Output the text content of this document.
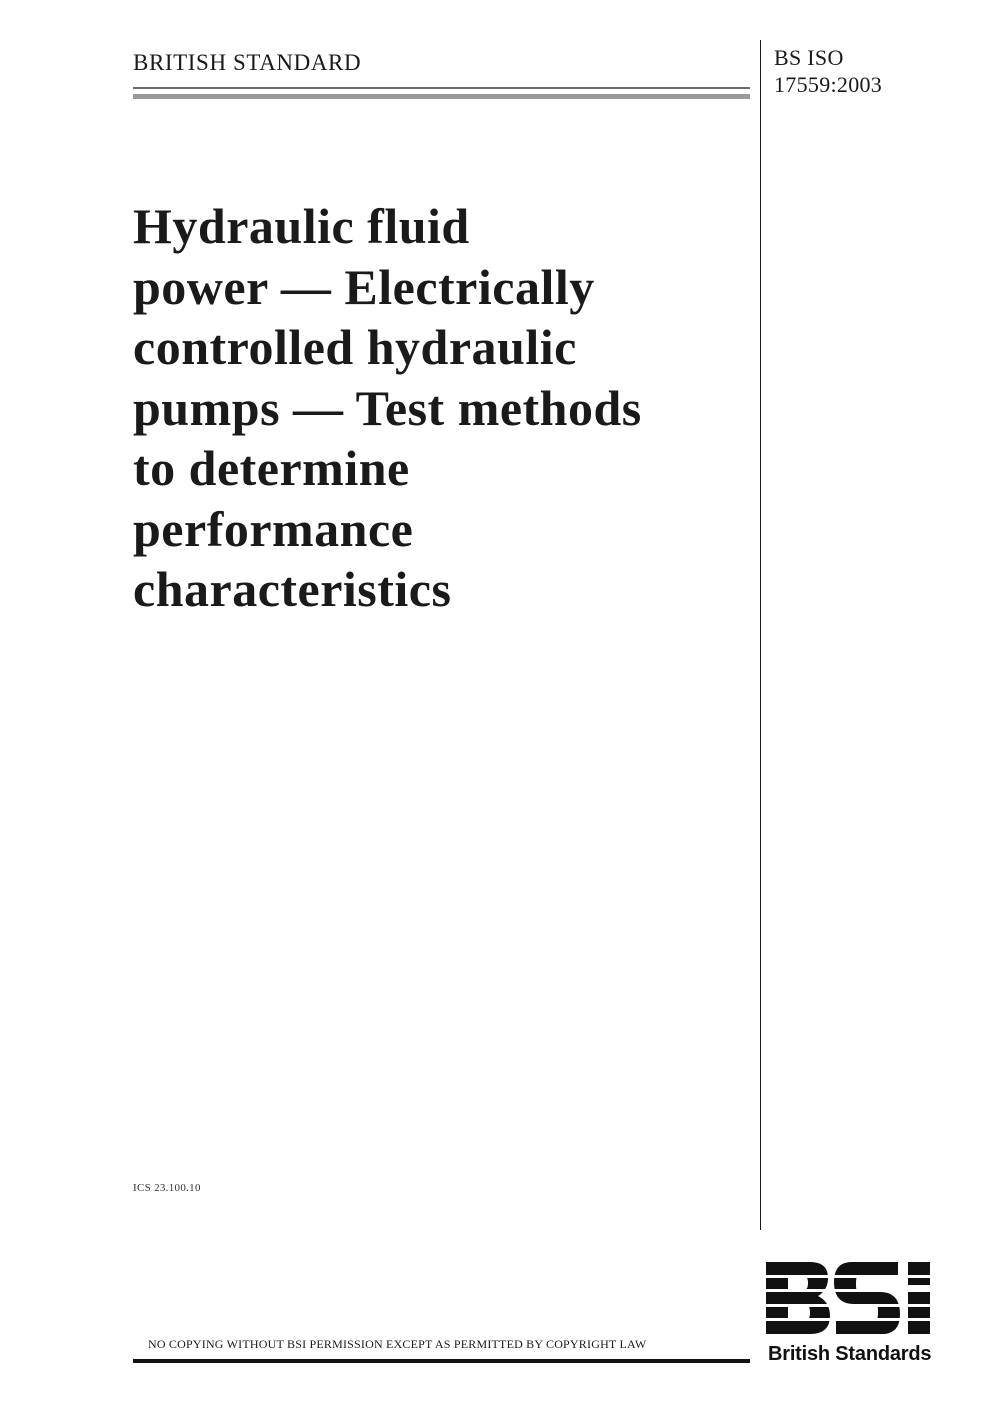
BRITISH STANDARD	BS ISO
17559:2003
Hydraulic fluid
power — Electrically
controlled hydraulic
pumps — Test methods
to determine
performance
characteristics
ICS 23.100.10
British Standards
NO COPYING WITHOUT BSI PERMISSION EXCEPT AS PERMITTED BY COPYRIGHT LAW
